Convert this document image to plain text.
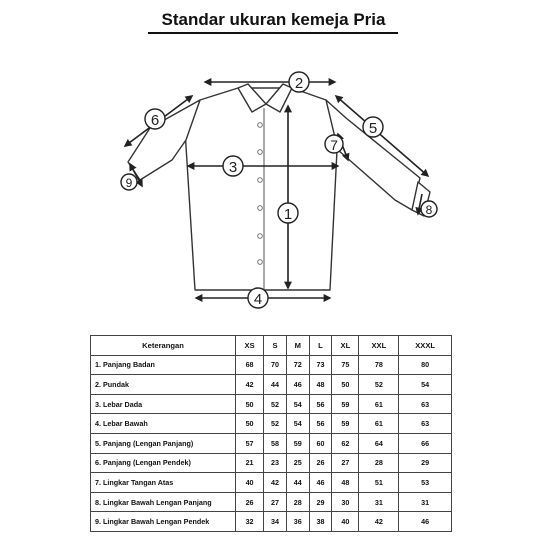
Standar ukuran kemeja Pria
2
1
3
4
6	5
7
8
9
Keterangan	XS	S	M	L	XL	XXL	XXXL
1. Panjang Badan	68	70	72	73	75	78	80
2. Pundak	42	44	46	48	50	52	54
3. Lebar Dada	50	52	54	56	59	61	63
4. Lebar Bawah	50	52	54	56	59	61	63
5. Panjang (Lengan Panjang)	57	58	59	60	62	64	66
6. Panjang (Lengan Pendek)	21	23	25	26	27	28	29
7. Lingkar Tangan Atas	40	42	44	46	48	51	53
8. Lingkar Bawah Lengan Panjang	26	27	28	29	30	31	31
9. Lingkar Bawah Lengan Pendek	32	34	36	38	40	42	46
